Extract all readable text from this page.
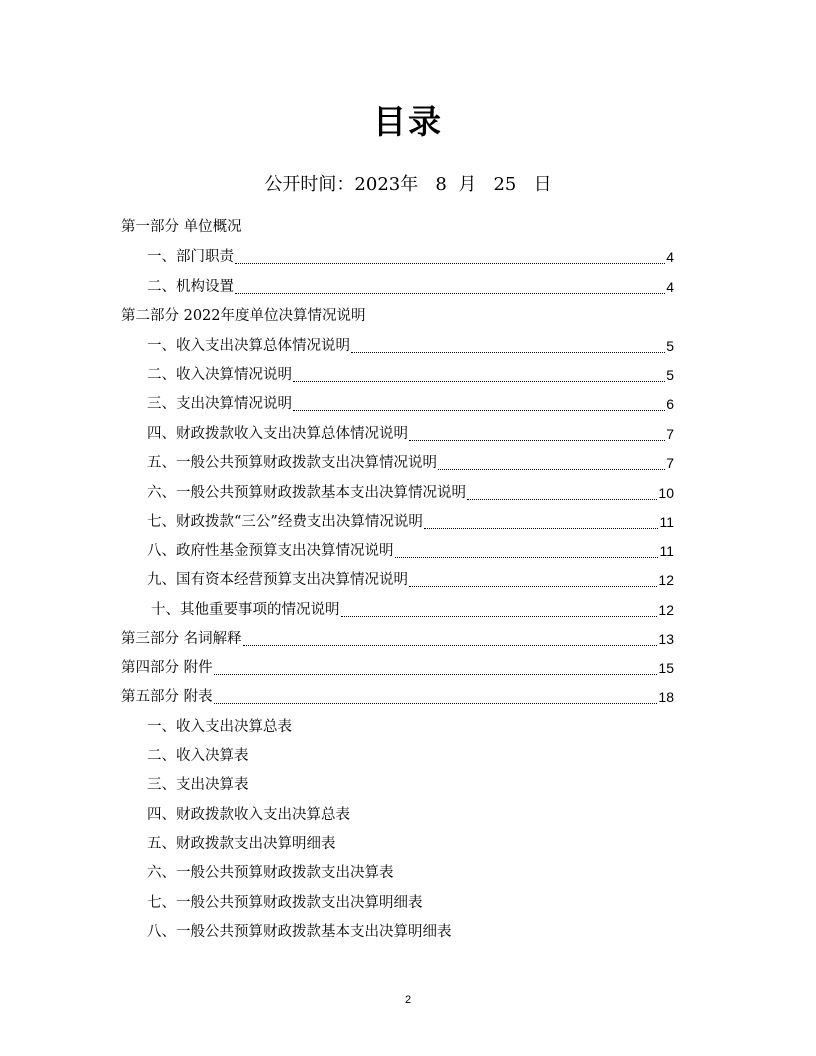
目录
公开时间：2023年 8 月 25 日
第一部分 单位概况
一、部门职责	4
二、机构设置	4
第二部分 2022年度单位决算情况说明
一、收入支出决算总体情况说明	5
二、收入决算情况说明	5
三、支出决算情况说明	6
四、财政拨款收入支出决算总体情况说明	7
五、一般公共预算财政拨款支出决算情况说明	7
六、一般公共预算财政拨款基本支出决算情况说明	10
七、财政拨款“三公”经费支出决算情况说明	11
八、政府性基金预算支出决算情况说明	11
九、国有资本经营预算支出决算情况说明	12
十、其他重要事项的情况说明	12
第三部分 名词解释	13
第四部分 附件	15
第五部分 附表	18
一、收入支出决算总表
二、收入决算表
三、支出决算表
四、财政拨款收入支出决算总表
五、财政拨款支出决算明细表
六、一般公共预算财政拨款支出决算表
七、一般公共预算财政拨款支出决算明细表
八、一般公共预算财政拨款基本支出决算明细表
2
